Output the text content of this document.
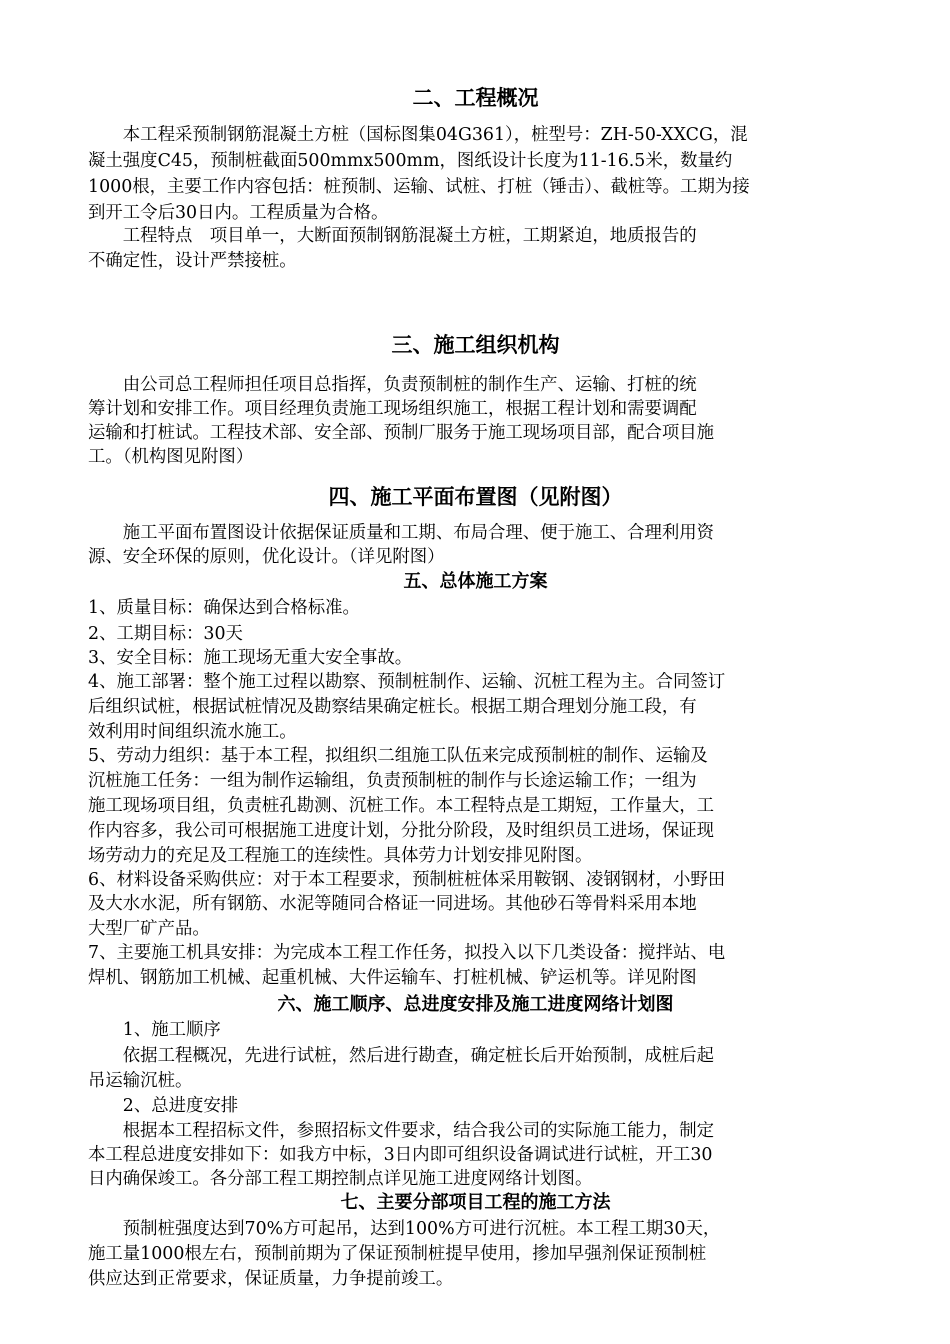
二、工程概况
　　本工程采预制钢筋混凝土方桩（国标图集04G361），桩型号：ZH-50-XXCG，混
凝土强度C45，预制桩截面500mmx500mm，图纸设计长度为11-16.5米，数量约
1000根，主要工作内容包括：桩预制、运输、试桩、打桩（锤击）、截桩等。工期为接
到开工令后30日内。工程质量为合格。
　　工程特点　项目单一，大断面预制钢筋混凝土方桩，工期紧迫，地质报告的
不确定性，设计严禁接桩。
三、施工组织机构
　　由公司总工程师担任项目总指挥，负责预制桩的制作生产、运输、打桩的统
筹计划和安排工作。项目经理负责施工现场组织施工，根据工程计划和需要调配
运输和打桩试。工程技术部、安全部、预制厂服务于施工现场项目部，配合项目施
工。（机构图见附图）
四、施工平面布置图（见附图）
　　施工平面布置图设计依据保证质量和工期、布局合理、便于施工、合理利用资
源、安全环保的原则，优化设计。（详见附图）
五、总体施工方案
1、质量目标：确保达到合格标准。
2、工期目标：30天
3、安全目标：施工现场无重大安全事故。
4、施工部署：整个施工过程以勘察、预制桩制作、运输、沉桩工程为主。合同签订
后组织试桩，根据试桩情况及勘察结果确定桩长。根据工期合理划分施工段，有
效利用时间组织流水施工。
5、劳动力组织：基于本工程，拟组织二组施工队伍来完成预制桩的制作、运输及
沉桩施工任务：一组为制作运输组，负责预制桩的制作与长途运输工作；一组为
施工现场项目组，负责桩孔勘测、沉桩工作。本工程特点是工期短，工作量大，工
作内容多，我公司可根据施工进度计划，分批分阶段，及时组织员工进场，保证现
场劳动力的充足及工程施工的连续性。具体劳力计划安排见附图。
6、材料设备采购供应：对于本工程要求，预制桩桩体采用鞍钢、凌钢钢材，小野田
及大水水泥，所有钢筋、水泥等随同合格证一同进场。其他砂石等骨料采用本地
大型厂矿产品。
7、主要施工机具安排：为完成本工程工作任务，拟投入以下几类设备：搅拌站、电
焊机、钢筋加工机械、起重机械、大件运输车、打桩机械、铲运机等。详见附图
六、施工顺序、总进度安排及施工进度网络计划图
　　1、施工顺序
　　依据工程概况，先进行试桩，然后进行勘查，确定桩长后开始预制，成桩后起
吊运输沉桩。
　　2、总进度安排
　　根据本工程招标文件，参照招标文件要求，结合我公司的实际施工能力，制定
本工程总进度安排如下：如我方中标，3日内即可组织设备调试进行试桩，开工30
日内确保竣工。各分部工程工期控制点详见施工进度网络计划图。
七、主要分部项目工程的施工方法
　　预制桩强度达到70%方可起吊，达到100%方可进行沉桩。本工程工期30天，
施工量1000根左右，预制前期为了保证预制桩提早使用，掺加早强剂保证预制桩
供应达到正常要求，保证质量，力争提前竣工。
